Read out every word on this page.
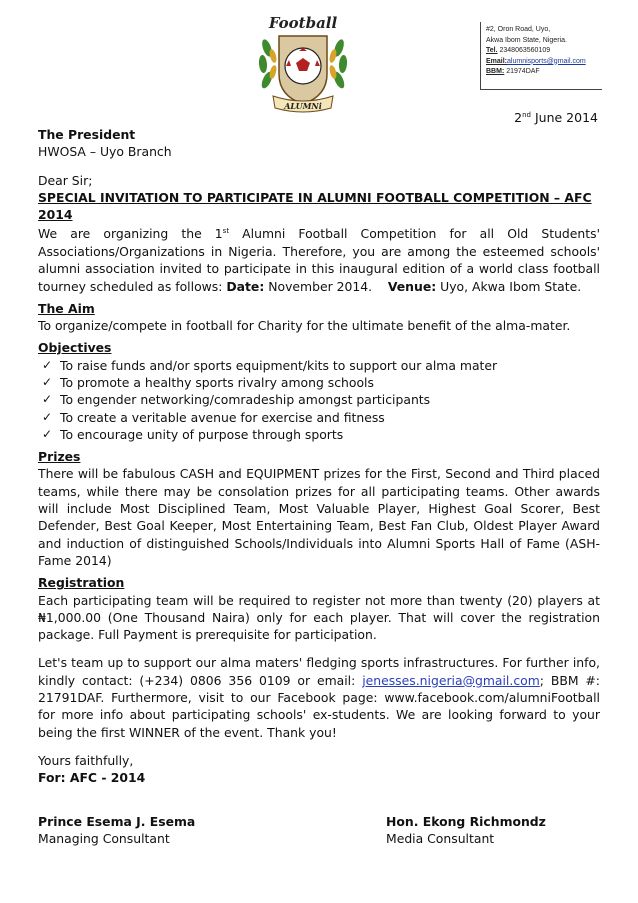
Football
ALUMNi
#2, Oron Road, Uyo,
Akwa Ibom State, Nigeria.
Tel. 2348063560109
Email:alumnisports@gmail.com
BBM: 21974DAF
2nd June 2014

The President

HWOSA – Uyo Branch

Dear Sir;

SPECIAL INVITATION TO PARTICIPATE IN ALUMNI FOOTBALL COMPETITION – AFC 2014

We are organizing the 1st Alumni Football Competition for all Old Students' Associations/Organizations in Nigeria. Therefore, you are among the esteemed schools' alumni association invited to participate in this inaugural edition of a world class football tourney scheduled as follows: Date: November 2014.    Venue: Uyo, Akwa Ibom State.

The Aim

To organize/compete in football for Charity for the ultimate benefit of the alma-mater.

Objectives

✓ To raise funds and/or sports equipment/kits to support our alma mater
✓ To promote a healthy sports rivalry among schools
✓ To engender networking/comradeship amongst participants
✓ To create a veritable avenue for exercise and fitness
✓ To encourage unity of purpose through sports

Prizes

There will be fabulous CASH and EQUIPMENT prizes for the First, Second and Third placed teams, while there may be consolation prizes for all participating teams. Other awards will include Most Disciplined Team, Most Valuable Player, Highest Goal Scorer, Best Defender, Best Goal Keeper, Most Entertaining Team, Best Fan Club, Oldest Player Award and induction of distinguished Schools/Individuals into Alumni Sports Hall of Fame (ASH-Fame 2014)

Registration

Each participating team will be required to register not more than twenty (20) players at ₦1,000.00 (One Thousand Naira) only for each player. That will cover the registration package. Full Payment is prerequisite for participation.

Let's team up to support our alma maters' fledging sports infrastructures. For further info, kindly contact: (+234) 0806 356 0109 or email: jenesses.nigeria@gmail.com; BBM #: 21791DAF. Furthermore, visit to our Facebook page: www.facebook.com/alumniFootball for more info about participating schools' ex-students. We are looking forward to your being the first WINNER of the event. Thank you!

Yours faithfully,

For: AFC - 2014

Prince Esema J. Esema

Managing Consultant

Hon. Ekong Richmondz

Media Consultant
